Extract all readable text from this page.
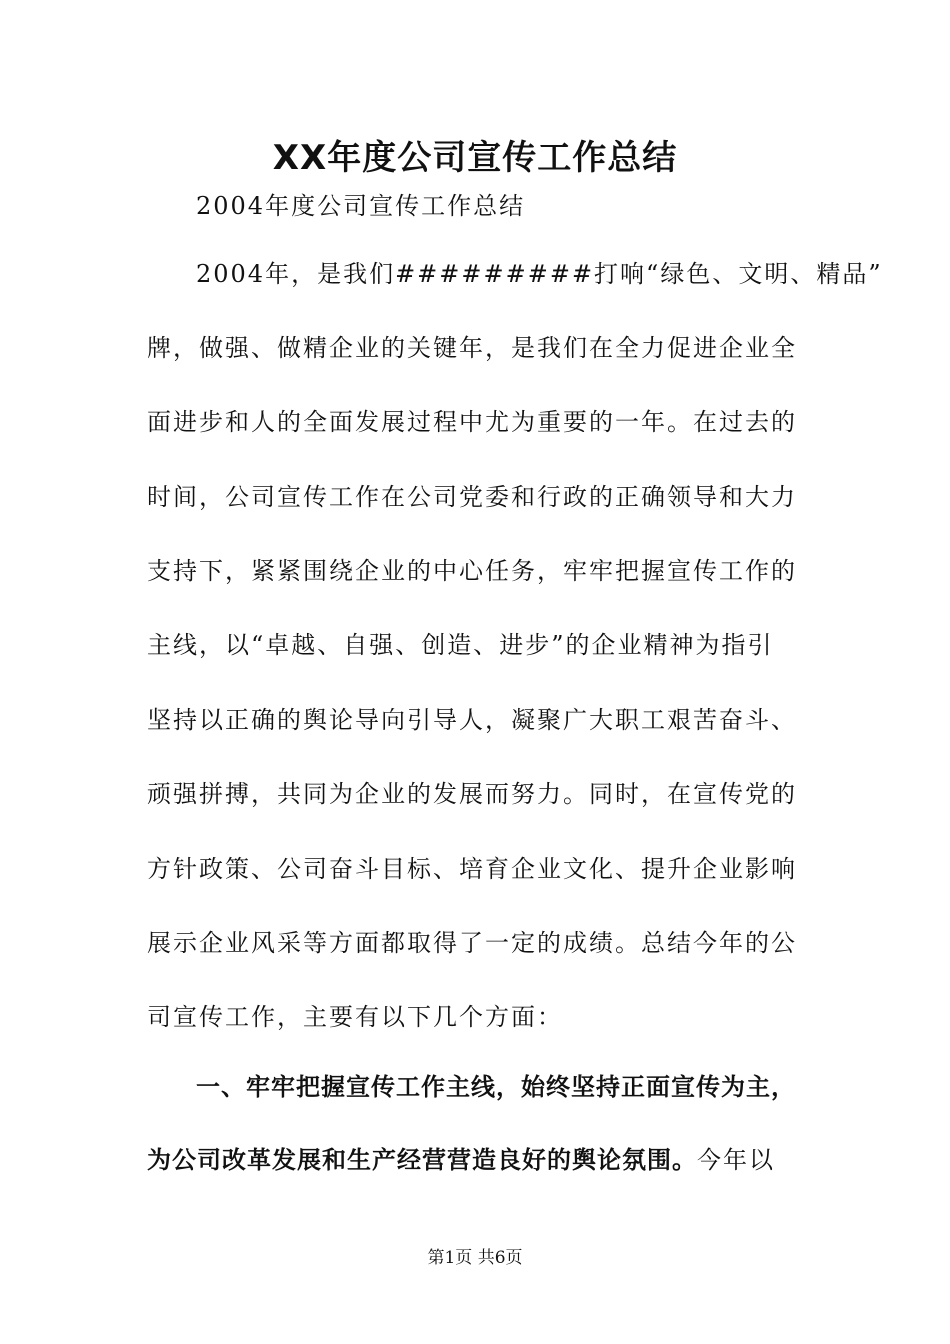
XX年度公司宣传工作总结
2004年度公司宣传工作总结
2004年，是我们#########打响“绿色、文明、精品”
牌，做强、做精企业的关键年，是我们在全力促进企业全
面进步和人的全面发展过程中尤为重要的一年。在过去的
时间，公司宣传工作在公司党委和行政的正确领导和大力
支持下，紧紧围绕企业的中心任务，牢牢把握宣传工作的
主线，以“卓越、自强、创造、进步”的企业精神为指引
坚持以正确的舆论导向引导人，凝聚广大职工艰苦奋斗、
顽强拼搏，共同为企业的发展而努力。同时，在宣传党的
方针政策、公司奋斗目标、培育企业文化、提升企业影响
展示企业风采等方面都取得了一定的成绩。总结今年的公
司宣传工作，主要有以下几个方面：
一、牢牢把握宣传工作主线，始终坚持正面宣传为主，
为公司改革发展和生产经营营造良好的舆论氛围。今年以
第1页 共6页
